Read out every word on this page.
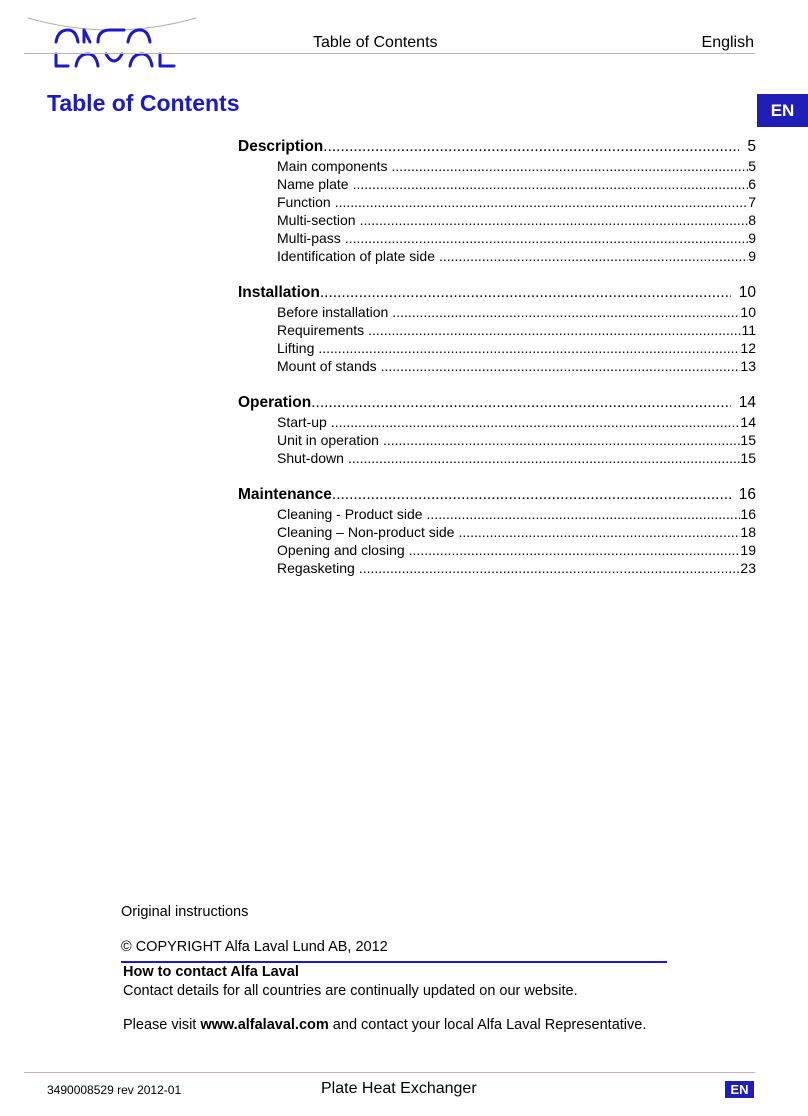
Table of Contents	English
Table of Contents	EN
Description .....	5
Main components .....	5
Name plate .....	6
Function .....	7
Multi-section .....	8
Multi-pass .....	9
Identification of plate side .....	9
Installation .....	10
Before installation .....	10
Requirements .....	11
Lifting .....	12
Mount of stands .....	13
Operation .....	14
Start-up .....	14
Unit in operation .....	15
Shut-down .....	15
Maintenance .....	16
Cleaning - Product side .....	16
Cleaning – Non-product side .....	18
Opening and closing .....	19
Regasketing .....	23
Original instructions
© COPYRIGHT Alfa Laval Lund AB, 2012
How to contact Alfa Laval
Contact details for all countries are continually updated on our website.
Please visit www.alfalaval.com and contact your local Alfa Laval Representative.
3490008529 rev 2012-01	Plate Heat Exchanger	EN
